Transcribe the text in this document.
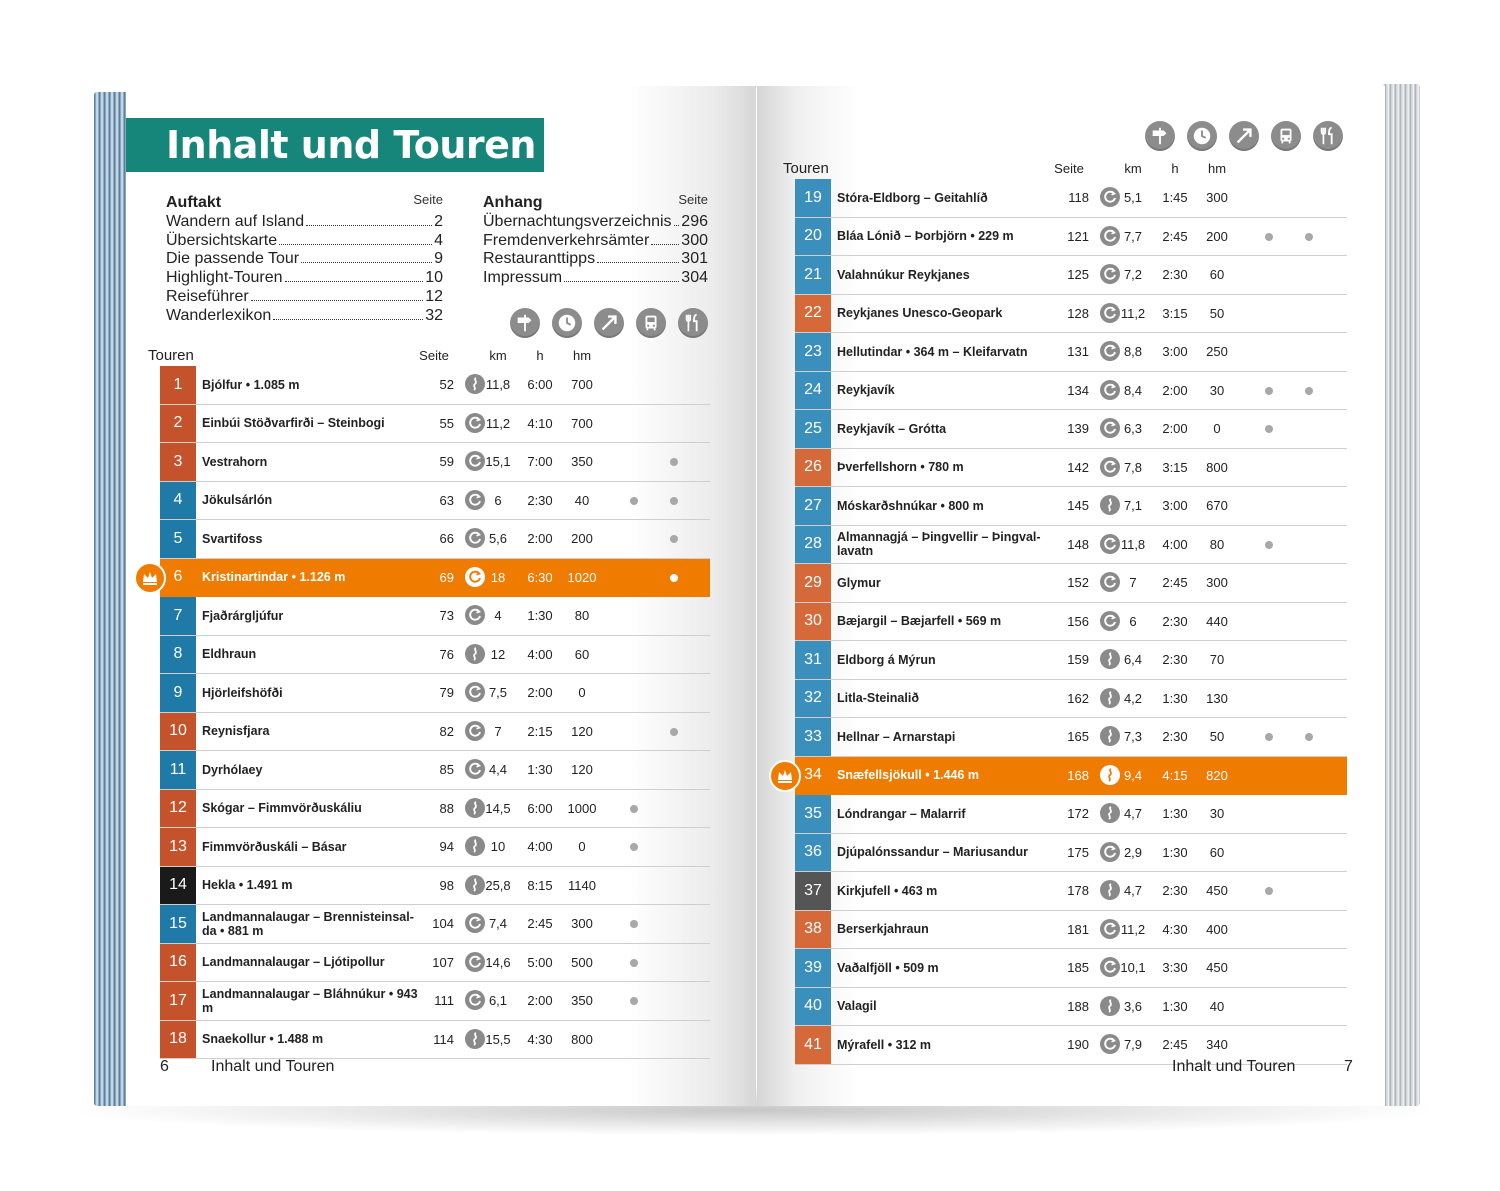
Inhalt und Touren
Auftakt	Seite
Wandern auf Island	2
Übersichtskarte	4
Die passende Tour	9
Highlight-Touren	10
Reiseführer	12
Wanderlexikon	32
Anhang	Seite
Übernachtungsverzeichnis 296
Fremdenverkehrsämter 300
Restauranttipps	301
Impressum	304
Touren	Seite	km	h	hm
1	Bjólfur • 1.085 m	52	11,8	6:00	700
2	Einbúi Stöðvarfirði – Steinbogi	55	11,2	4:10	700
3	Vestrahorn	59	15,1	7:00	350
4	Jökulsárlón	63	6	2:30	40
5	Svartifoss	66	5,6	2:00	200
6	Kristinartindar • 1.126 m	69	18	6:30	1020
7	Fjaðrárgljúfur	73	4	1:30	80
8	Eldhraun	76	12	4:00	60
9	Hjörleifshöfði	79	7,5	2:00	0
10	Reynisfjara	82	7	2:15	120
11	Dyrhólaey	85	4,4	1:30	120
12	Skógar – Fimmvörðuskáliu	88	14,5	6:00	1000
13	Fimmvörðuskáli – Básar	94	10	4:00	0
14	Hekla • 1.491 m	98	25,8	8:15	1140
15	Landmannalaugar – Brennisteinsal-da • 881 m	104	7,4	2:45	300
16	Landmannalaugar – Ljótipollur	107	14,6	5:00	500
17	Landmannalaugar – Bláhnúkur • 943 m	111	6,1	2:00	350
18	Snaekollur • 1.488 m	114	15,5	4:30	800
6	Inhalt und Touren
Touren	Seite	km	h	hm
19	Stóra-Eldborg – Geitahlíð	118	5,1	1:45	300
20	Bláa Lónið – Þorbjörn • 229 m	121	7,7	2:45	200
21	Valahnúkur Reykjanes	125	7,2	2:30	60
22	Reykjanes Unesco-Geopark	128	11,2	3:15	50
23	Hellutindar • 364 m – Kleifarvatn	131	8,8	3:00	250
24	Reykjavík	134	8,4	2:00	30
25	Reykjavík – Grótta	139	6,3	2:00	0
26	Þverfellshorn • 780 m	142	7,8	3:15	800
27	Móskarðshnúkar • 800 m	145	7,1	3:00	670
28	Almannagjá – Þingvellir – Þingval-lavatn	148	11,8	4:00	80
29	Glymur	152	7	2:45	300
30	Bæjargil – Bæjarfell • 569 m	156	6	2:30	440
31	Eldborg á Mýrun	159	6,4	2:30	70
32	Litla-Steinalið	162	4,2	1:30	130
33	Hellnar – Arnarstapi	165	7,3	2:30	50
34	Snæfellsjökull • 1.446 m	168	9,4	4:15	820
35	Lóndrangar – Malarrif	172	4,7	1:30	30
36	Djúpalónssandur – Mariusandur	175	2,9	1:30	60
37	Kirkjufell • 463 m	178	4,7	2:30	450
38	Berserkjahraun	181	11,2	4:30	400
39	Vaðalfjöll • 509 m	185	10,1	3:30	450
40	Valagil	188	3,6	1:30	40
41	Mýrafell • 312 m	190	7,9	2:45	340
Inhalt und Touren	7
